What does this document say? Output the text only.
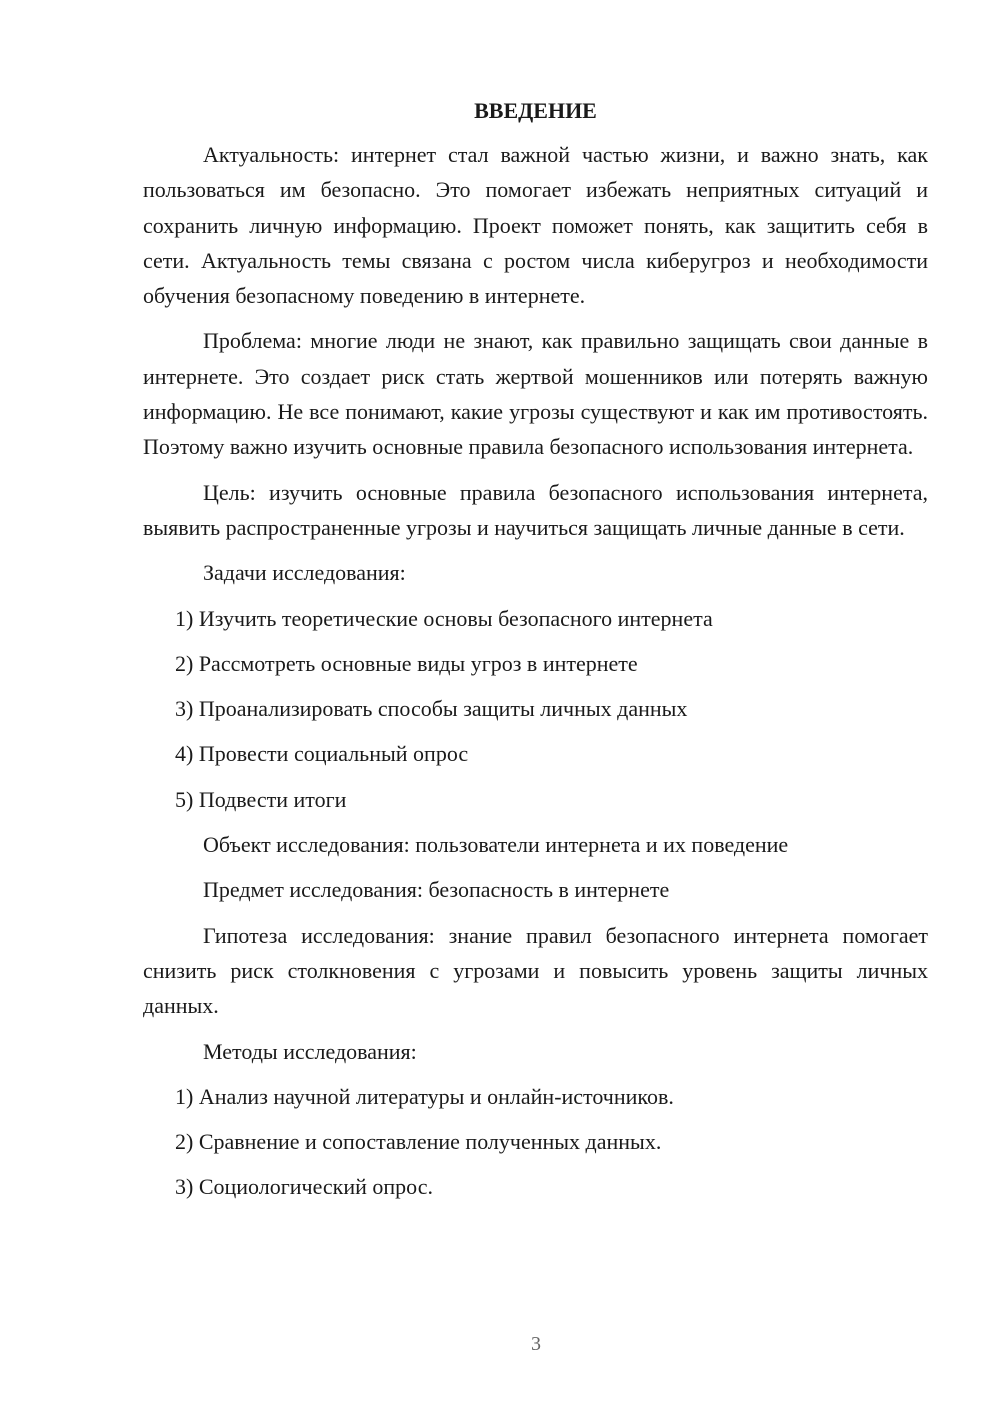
ВВЕДЕНИЕ

Актуальность: интернет стал важной частью жизни, и важно знать, как пользоваться им безопасно. Это помогает избежать неприятных ситуаций и сохранить личную информацию. Проект поможет понять, как защитить себя в сети. Актуальность темы связана с ростом числа киберугроз и необходимости обучения безопасному поведению в интернете.

Проблема: многие люди не знают, как правильно защищать свои данные в интернете. Это создает риск стать жертвой мошенников или потерять важную информацию. Не все понимают, какие угрозы существуют и как им противостоять. Поэтому важно изучить основные правила безопасного использования интернета.

Цель: изучить основные правила безопасного использования интернета, выявить распространенные угрозы и научиться защищать личные данные в сети.

Задачи исследования:

1) Изучить теоретические основы безопасного интернета
2) Рассмотреть основные виды угроз в интернете
3) Проанализировать способы защиты личных данных
4) Провести социальный опрос
5) Подвести итоги

Объект исследования: пользователи интернета и их поведение

Предмет исследования: безопасность в интернете

Гипотеза исследования: знание правил безопасного интернета помогает снизить риск столкновения с угрозами и повысить уровень защиты личных данных.

Методы исследования:

1) Анализ научной литературы и онлайн-источников.
2) Сравнение и сопоставление полученных данных.
3) Социологический опрос.
3
